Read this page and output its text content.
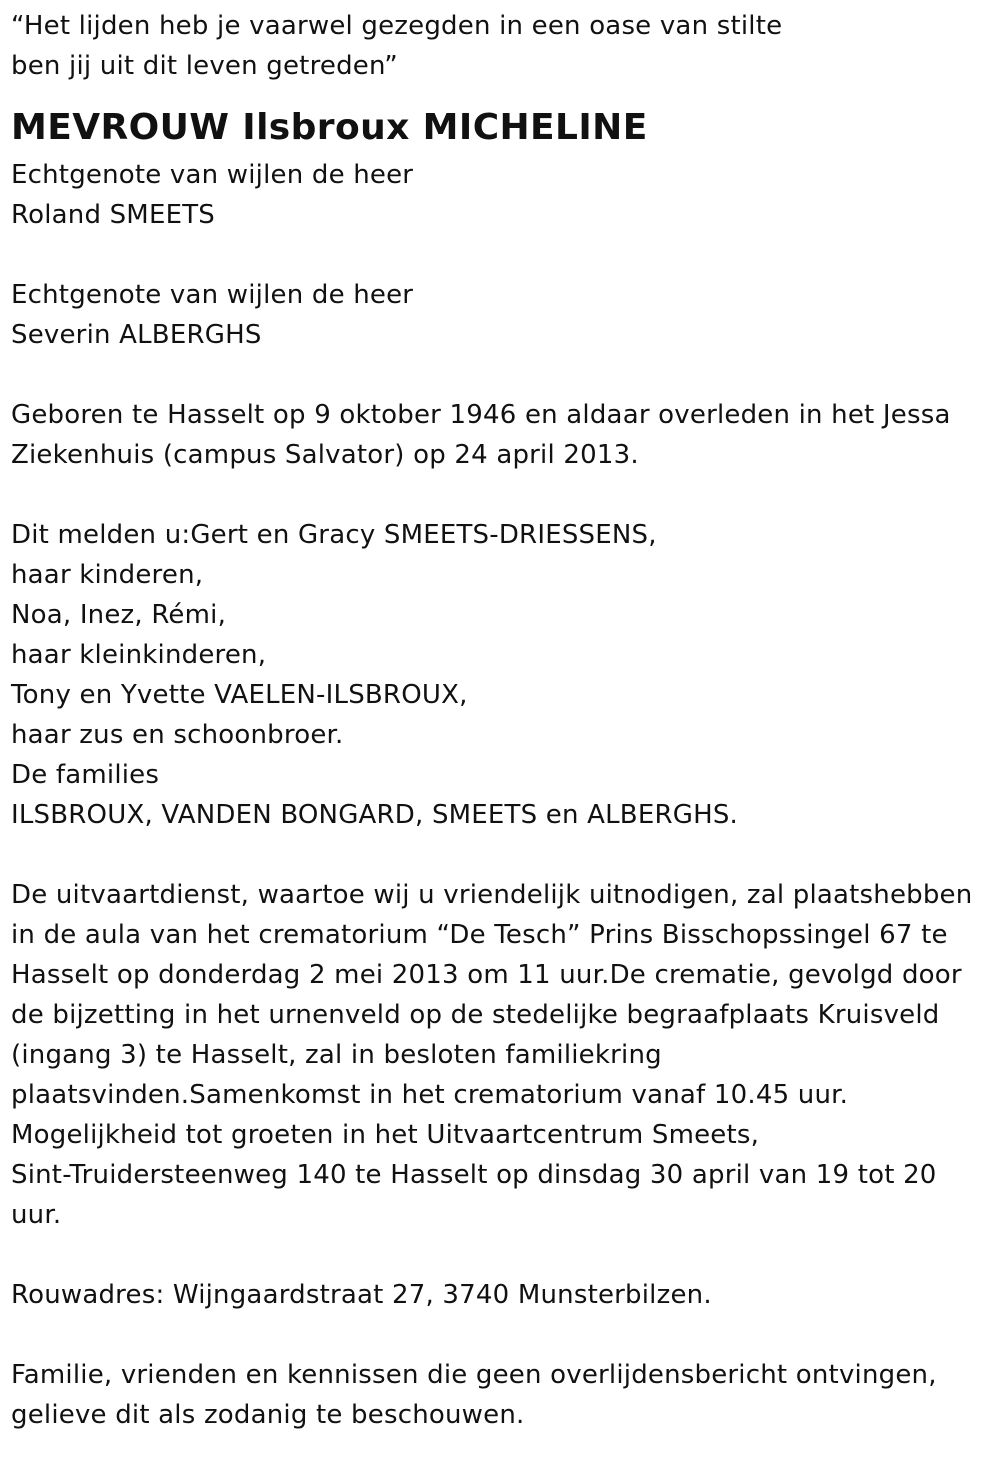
“Het lijden heb je vaarwel gezegden in een oase van stilte
ben jij uit dit leven getreden”
MEVROUW Ilsbroux MICHELINE
Echtgenote van wijlen de heer
Roland SMEETS
Echtgenote van wijlen de heer
Severin ALBERGHS
Geboren te Hasselt op 9 oktober 1946 en aldaar overleden in het Jessa
Ziekenhuis (campus Salvator) op 24 april 2013.
Dit melden u:Gert en Gracy SMEETS-DRIESSENS,
haar kinderen,
Noa, Inez, Rémi,
haar kleinkinderen,
Tony en Yvette VAELEN-ILSBROUX,
haar zus en schoonbroer.
De families
ILSBROUX, VANDEN BONGARD, SMEETS en ALBERGHS.
De uitvaartdienst, waartoe wij u vriendelijk uitnodigen, zal plaatshebben
in de aula van het crematorium “De Tesch” Prins Bisschopssingel 67 te
Hasselt op donderdag 2 mei 2013 om 11 uur.De crematie, gevolgd door
de bijzetting in het urnenveld op de stedelijke begraafplaats Kruisveld
(ingang 3) te Hasselt, zal in besloten familiekring
plaatsvinden.Samenkomst in het crematorium vanaf 10.45 uur.
Mogelijkheid tot groeten in het Uitvaartcentrum Smeets,
Sint-Truidersteenweg 140 te Hasselt op dinsdag 30 april van 19 tot 20
uur.
Rouwadres: Wijngaardstraat 27, 3740 Munsterbilzen.
Familie, vrienden en kennissen die geen overlijdensbericht ontvingen,
gelieve dit als zodanig te beschouwen.
